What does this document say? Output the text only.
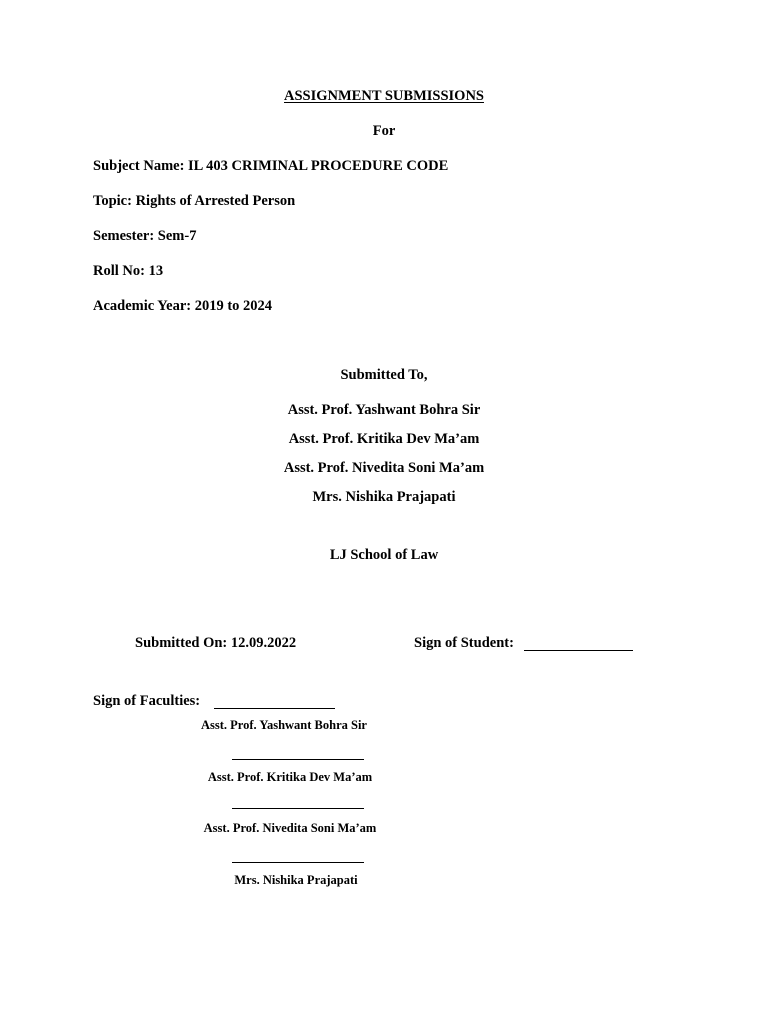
ASSIGNMENT SUBMISSIONS
For
Subject Name: IL 403 CRIMINAL PROCEDURE CODE
Topic: Rights of Arrested Person
Semester: Sem-7
Roll No: 13
Academic Year: 2019 to 2024
Submitted To,
Asst. Prof. Yashwant Bohra Sir
Asst. Prof. Kritika Dev Ma’am
Asst. Prof. Nivedita Soni Ma’am
Mrs. Nishika Prajapati
LJ School of Law
Submitted On: 12.09.2022	Sign of Student:
Sign of Faculties:
Asst. Prof. Yashwant Bohra Sir
Asst. Prof. Kritika Dev Ma’am
Asst. Prof. Nivedita Soni Ma’am
Mrs. Nishika Prajapati
